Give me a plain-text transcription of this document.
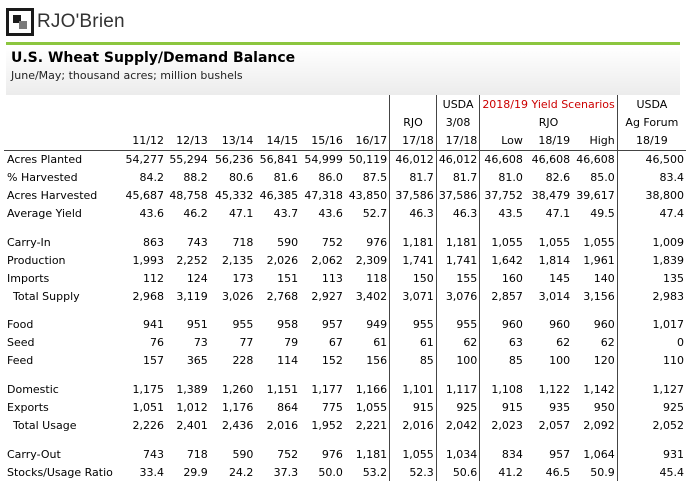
RJO'Brien
U.S. Wheat Supply/Demand Balance
June/May; thousand acres; million bushels
								USDA	2018/19 Yield Scenarios			USDA
							RJO	3/08		RJO		Ag Forum
	11/12	12/13	13/14	14/15	15/16	16/17	17/18	17/18	Low	18/19	High	18/19
Acres Planted	54,277	55,294	56,236	56,841	54,999	50,119	46,012	46,012	46,608	46,608	46,608	46,500
% Harvested	84.2	88.2	80.6	81.6	86.0	87.5	81.7	81.7	81.0	82.6	85.0	83.4
Acres Harvested	45,687	48,758	45,332	46,385	47,318	43,850	37,586	37,586	37,752	38,479	39,617	38,800
Average Yield	43.6	46.2	47.1	43.7	43.6	52.7	46.3	46.3	43.5	47.1	49.5	47.4

Carry-In	863	743	718	590	752	976	1,181	1,181	1,055	1,055	1,055	1,009
Production	1,993	2,252	2,135	2,026	2,062	2,309	1,741	1,741	1,642	1,814	1,961	1,839
Imports	112	124	173	151	113	118	150	155	160	145	140	135
Total Supply	2,968	3,119	3,026	2,768	2,927	3,402	3,071	3,076	2,857	3,014	3,156	2,983

Food	941	951	955	958	957	949	955	955	960	960	960	1,017
Seed	76	73	77	79	67	61	61	62	63	62	62	0
Feed	157	365	228	114	152	156	85	100	85	100	120	110

Domestic	1,175	1,389	1,260	1,151	1,177	1,166	1,101	1,117	1,108	1,122	1,142	1,127
Exports	1,051	1,012	1,176	864	775	1,055	915	925	915	935	950	925
Total Usage	2,226	2,401	2,436	2,016	1,952	2,221	2,016	2,042	2,023	2,057	2,092	2,052

Carry-Out	743	718	590	752	976	1,181	1,055	1,034	834	957	1,064	931
Stocks/Usage Ratio	33.4	29.9	24.2	37.3	50.0	53.2	52.3	50.6	41.2	46.5	50.9	45.4
